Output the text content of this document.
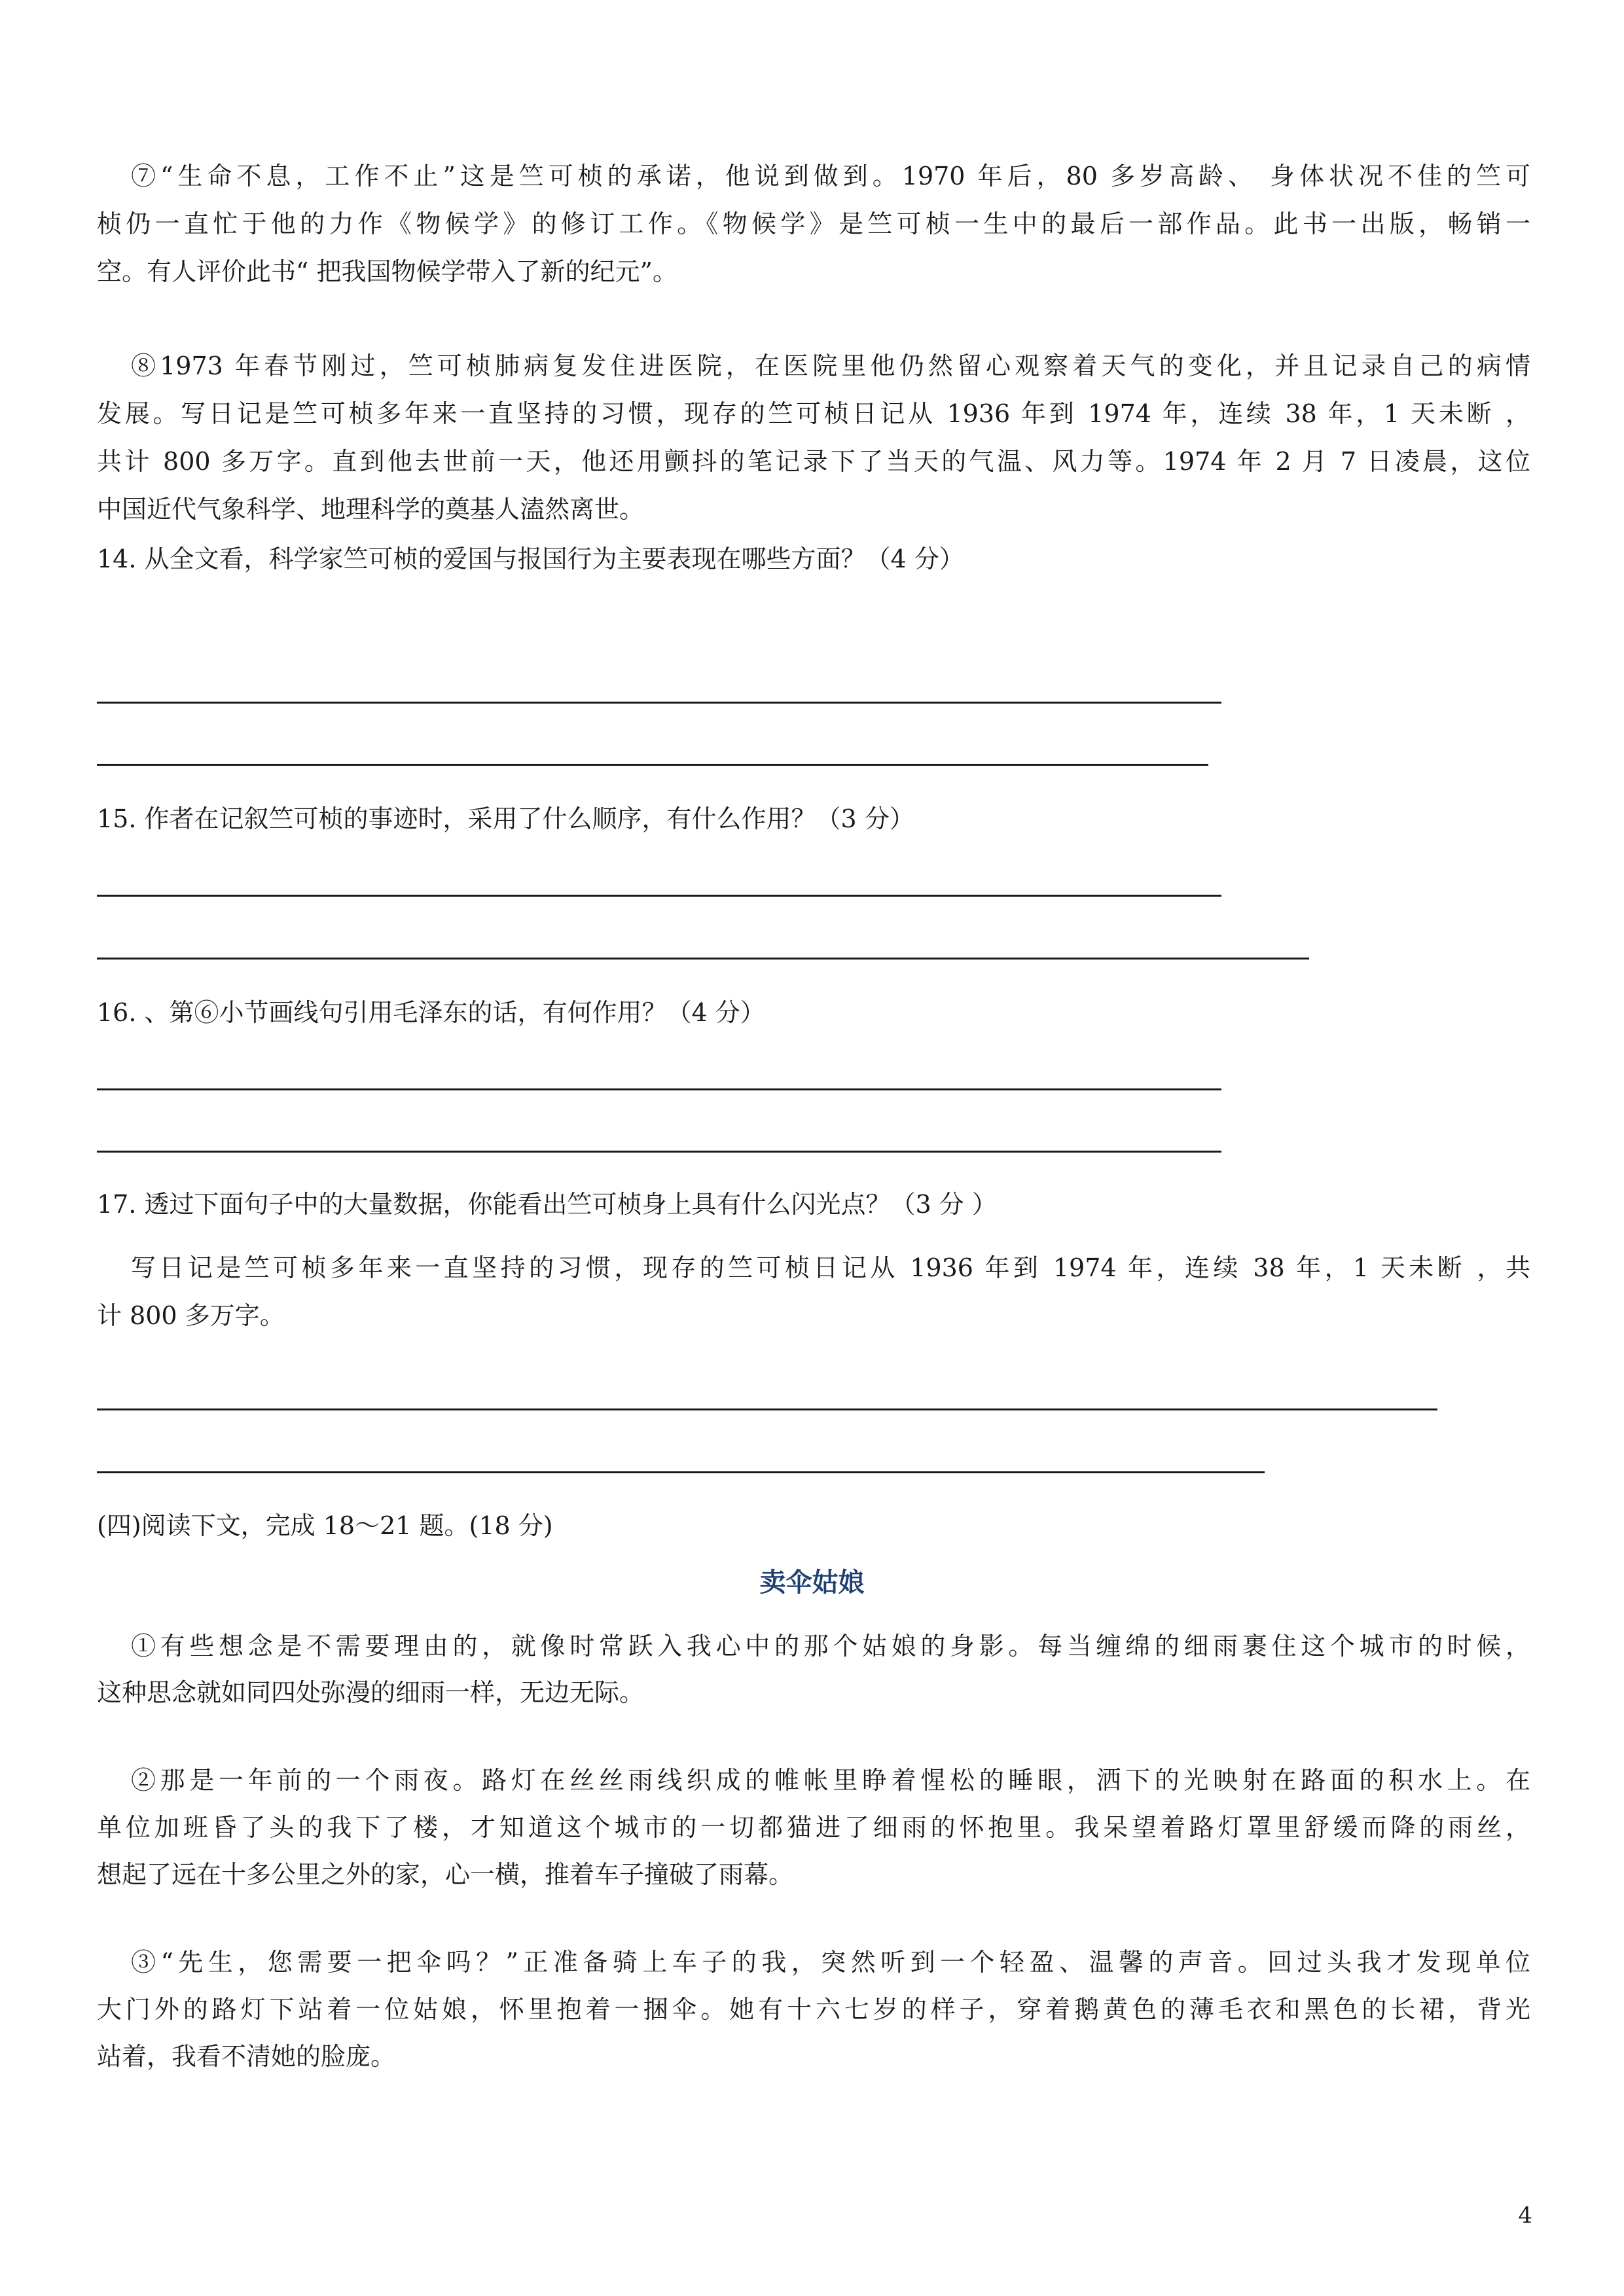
⑦“生命不息，工作不止”这是竺可桢的承诺，他说到做到。1970 年后，80 多岁高龄、 身体状况不佳的竺可
桢仍一直忙于他的力作《物候学》的修订工作。《物候学》是竺可桢一生中的最后一部作品。此书一出版，畅销一
空。有人评价此书“ 把我国物候学带入了新的纪元”。
⑧1973 年春节刚过，竺可桢肺病复发住进医院，在医院里他仍然留心观察着天气的变化，并且记录自己的病情
发展。写日记是竺可桢多年来一直坚持的习惯，现存的竺可桢日记从 1936 年到 1974 年，连续 38 年，1 天未断 ，
共计 800 多万字。直到他去世前一天，他还用颤抖的笔记录下了当天的气温、风力等。1974 年 2 月 7 日凌晨，这位
中国近代气象科学、地理科学的奠基人溘然离世。
14. 从全文看，科学家竺可桢的爱国与报国行为主要表现在哪些方面？（4 分）
15. 作者在记叙竺可桢的事迹时，采用了什么顺序，有什么作用？（3 分）
16. 、第⑥小节画线句引用毛泽东的话，有何作用？（4 分）
17. 透过下面句子中的大量数据，你能看出竺可桢身上具有什么闪光点？（3 分 ）
写日记是竺可桢多年来一直坚持的习惯，现存的竺可桢日记从 1936 年到 1974 年，连续 38 年，1 天未断 ，共
计 800 多万字。
(四)阅读下文，完成 18～21 题。(18 分)
卖伞姑娘
①有些想念是不需要理由的，就像时常跃入我心中的那个姑娘的身影。每当缠绵的细雨裹住这个城市的时候，
这种思念就如同四处弥漫的细雨一样，无边无际。
②那是一年前的一个雨夜。路灯在丝丝雨线织成的帷帐里睁着惺松的睡眼，洒下的光映射在路面的积水上。在
单位加班昏了头的我下了楼，才知道这个城市的一切都猫进了细雨的怀抱里。我呆望着路灯罩里舒缓而降的雨丝，
想起了远在十多公里之外的家，心一横，推着车子撞破了雨幕。
③“先生，您需要一把伞吗？”正准备骑上车子的我，突然听到一个轻盈、温馨的声音。回过头我才发现单位
大门外的路灯下站着一位姑娘，怀里抱着一捆伞。她有十六七岁的样子，穿着鹅黄色的薄毛衣和黑色的长裙，背光
站着，我看不清她的脸庞。
4
